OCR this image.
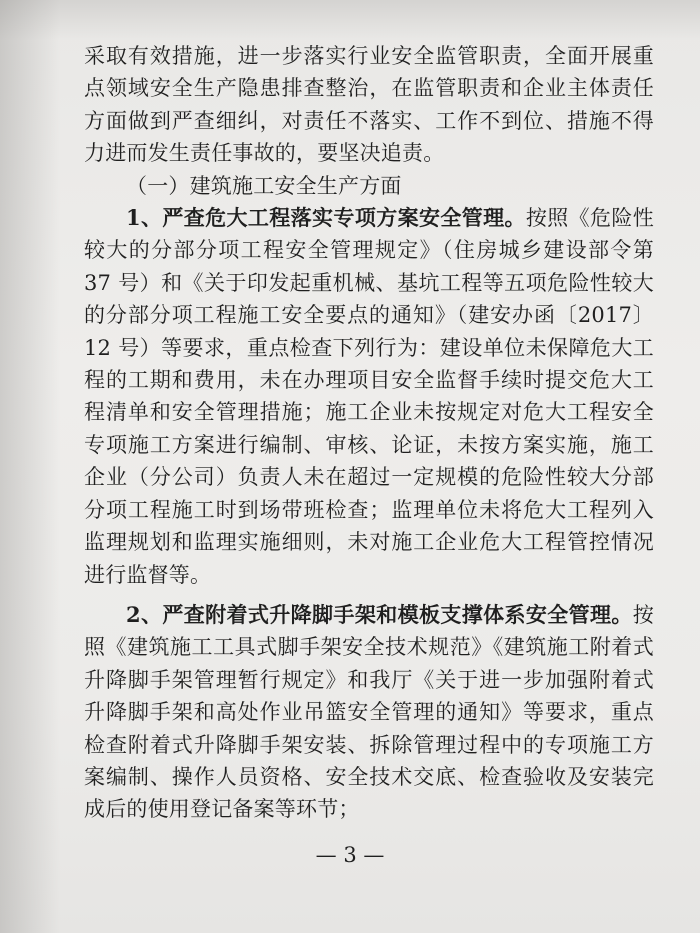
采取有效措施，进一步落实行业安全监管职责，全面开展重点领域安全生产隐患排查整治，在监管职责和企业主体责任方面做到严查细纠，对责任不落实、工作不到位、措施不得力进而发生责任事故的，要坚决追责。

（一）建筑施工安全生产方面

1、严查危大工程落实专项方案安全管理。按照《危险性较大的分部分项工程安全管理规定》（住房城乡建设部令第 37 号）和《关于印发起重机械、基坑工程等五项危险性较大的分部分项工程施工安全要点的通知》（建安办函〔2017〕12 号）等要求，重点检查下列行为：建设单位未保障危大工程的工期和费用，未在办理项目安全监督手续时提交危大工程清单和安全管理措施；施工企业未按规定对危大工程安全专项施工方案进行编制、审核、论证，未按方案实施，施工企业（分公司）负责人未在超过一定规模的危险性较大分部分项工程施工时到场带班检查；监理单位未将危大工程列入监理规划和监理实施细则，未对施工企业危大工程管控情况进行监督等。

2、严查附着式升降脚手架和模板支撑体系安全管理。按照《建筑施工工具式脚手架安全技术规范》《建筑施工附着式升降脚手架管理暂行规定》和我厅《关于进一步加强附着式升降脚手架和高处作业吊篮安全管理的通知》等要求，重点检查附着式升降脚手架安装、拆除管理过程中的专项施工方案编制、操作人员资格、安全技术交底、检查验收及安装完成后的使用登记备案等环节；

— 3 —
